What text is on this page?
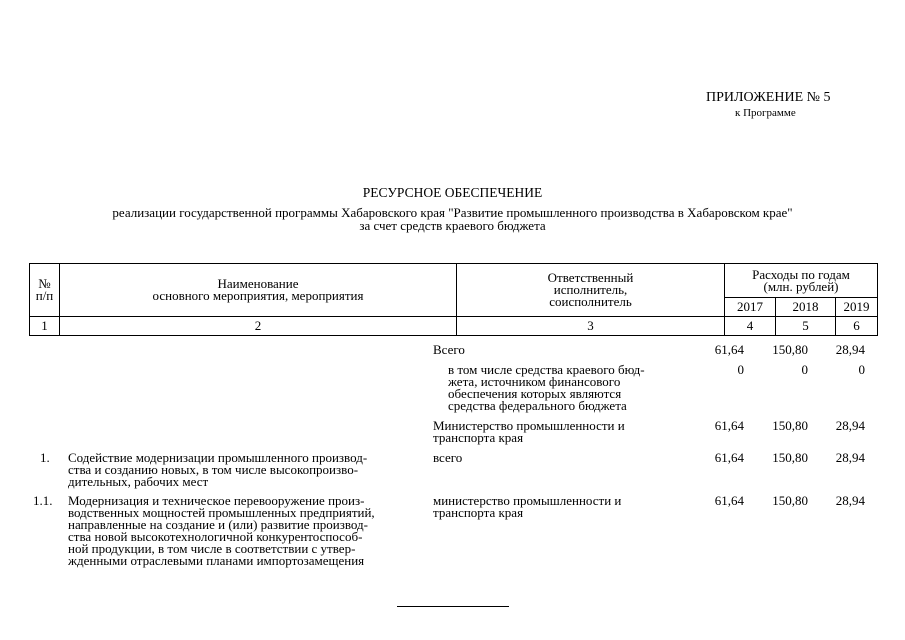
ПРИЛОЖЕНИЕ № 5
к Программе
РЕСУРСНОЕ ОБЕСПЕЧЕНИЕ
реализации государственной программы Хабаровского края "Развитие промышленного производства в Хабаровском крае"
за счет средств краевого бюджета
№
п/п	Наименование
основного мероприятия, мероприятия	Ответственный
исполнитель,
соисполнитель	Расходы по годам
(млн. рублей)		
			2017	2018	2019
1	2	3	4	5	6
Всего	61,64	150,80	28,94
в том числе средства краевого бюд-
жета, источником финансового
обеспечения которых являются
средства федерального бюджета
0	0	0
Министерство промышленности и
транспорта края
61,64	150,80	28,94
1. Содействие модернизации промышленного производ-
ства и созданию новых, в том числе высокопроизво-
дительных, рабочих мест
всего	61,64	150,80	28,94
1.1. Модернизация и техническое перевооружение произ-
водственных мощностей промышленных предприятий,
направленные на создание и (или) развитие производ-
ства новой высокотехнологичной конкурентоспособ-
ной продукции, в том числе в соответствии с утвер-
жденными отраслевыми планами импортозамещения
министерство промышленности и
транспорта края
61,64	150,80	28,94
